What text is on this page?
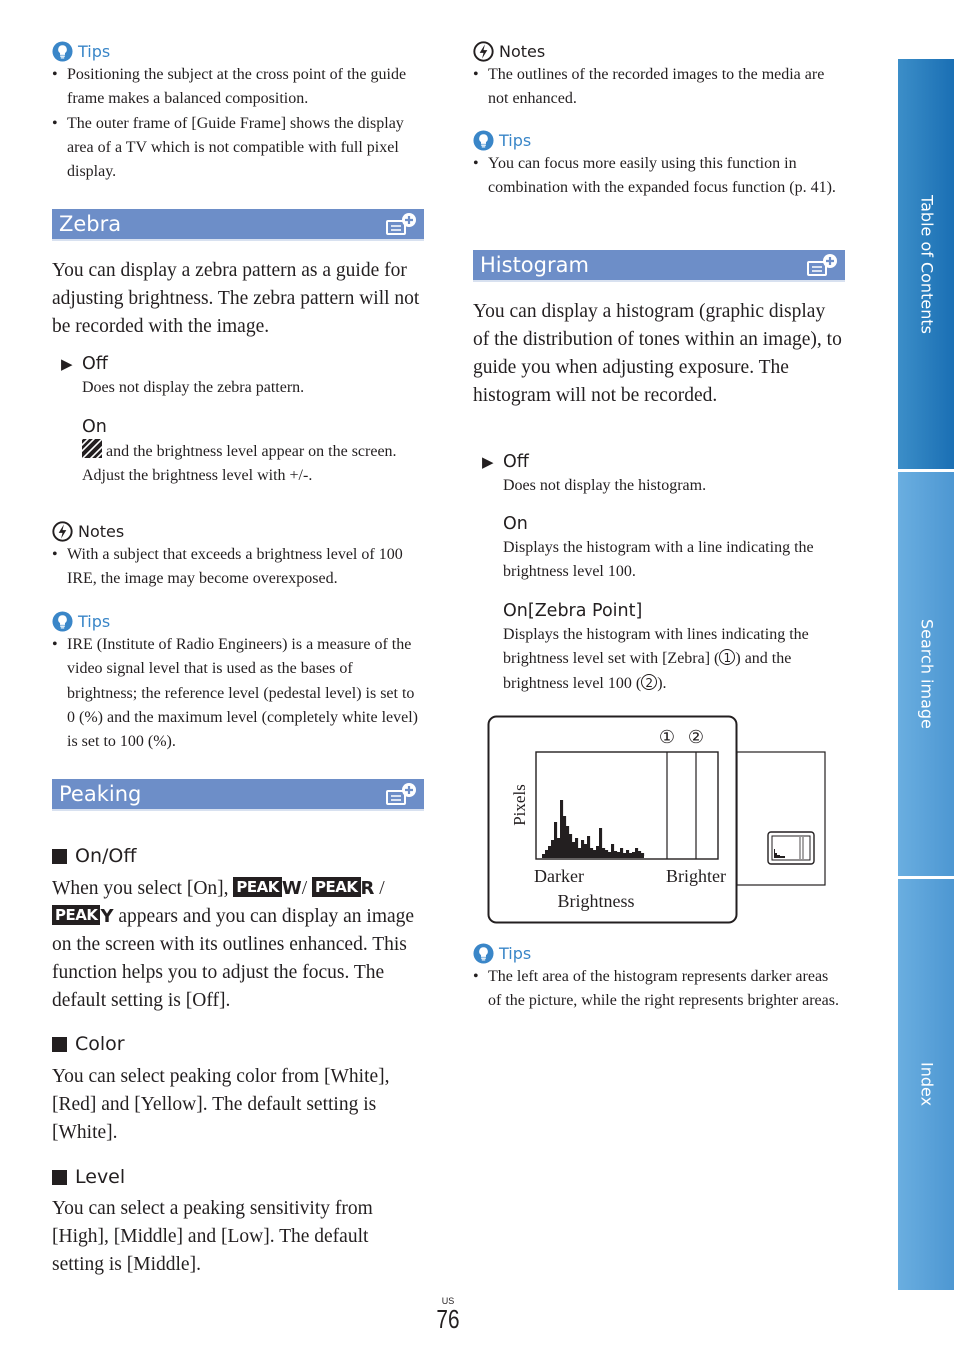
Tips
• Positioning the subject at the cross point of the guide frame makes a balanced composition.
• The outer frame of [Guide Frame] shows the display area of a TV which is not compatible with full pixel display.
Zebra
You can display a zebra pattern as a guide for adjusting brightness. The zebra pattern will not be recorded with the image.
▶ Off
Does not display the zebra pattern.
On
and the brightness level appear on the screen. Adjust the brightness level with +/-.
Notes
• With a subject that exceeds a brightness level of 100 IRE, the image may become overexposed.
Tips
• IRE (Institute of Radio Engineers) is a measure of the video signal level that is used as the bases of brightness; the reference level (pedestal level) is set to 0 (%) and the maximum level (completely white level) is set to 100 (%).
Peaking
On/Off
When you select [On], PEAK W/ PEAK R / PEAK Y appears and you can display an image on the screen with its outlines enhanced. This function helps you to adjust the focus. The default setting is [Off].
Color
You can select peaking color from [White], [Red] and [Yellow]. The default setting is [White].
Level
You can select a peaking sensitivity from [High], [Middle] and [Low]. The default setting is [Middle].
Notes
• The outlines of the recorded images to the media are not enhanced.
Tips
• You can focus more easily using this function in combination with the expanded focus function (p. 41).
Histogram
You can display a histogram (graphic display of the distribution of tones within an image), to guide you when adjusting exposure. The histogram will not be recorded.
▶ Off
Does not display the histogram.
On
Displays the histogram with a line indicating the brightness level 100.
On[Zebra Point]
Displays the histogram with lines indicating the brightness level set with [Zebra] ( 1 ) and the brightness level 100 ( 2 ).
Tips
• The left area of the histogram represents darker areas of the picture, while the right represents brighter areas.
① ②
Pixels
Darker	Brighter
Brightness
Table of Contents
Search image
Index
US
76
